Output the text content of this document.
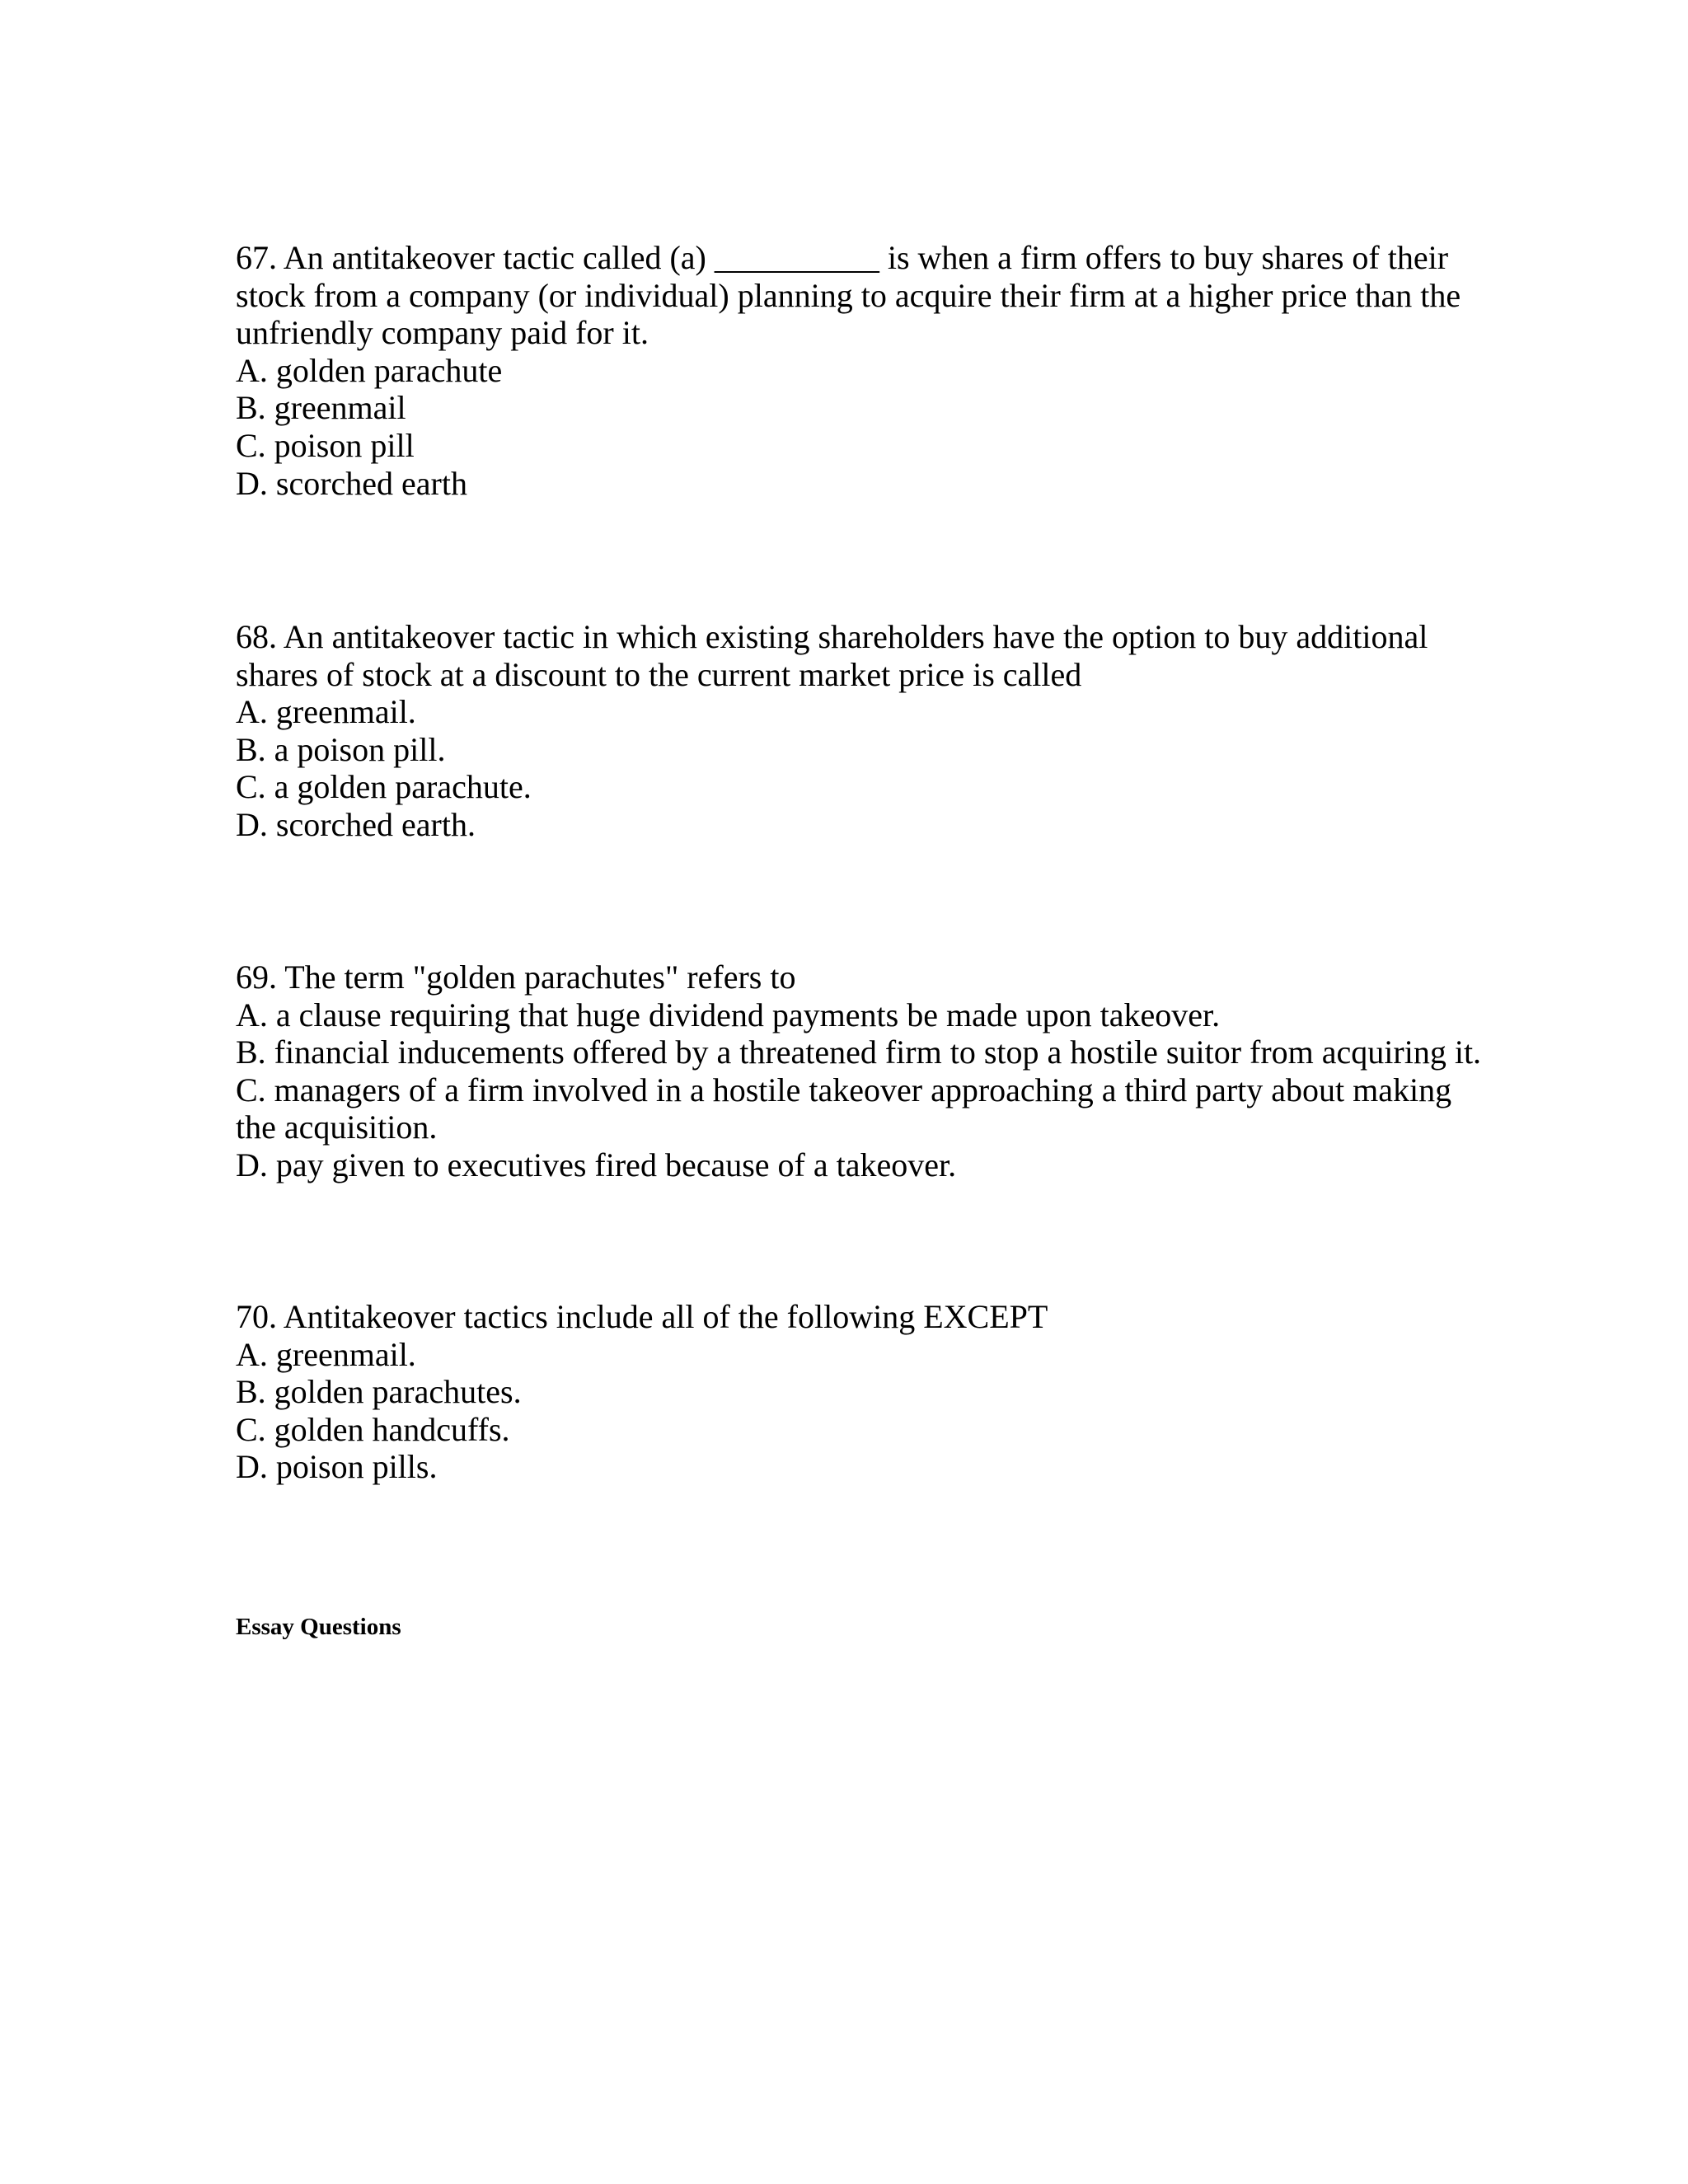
67. An antitakeover tactic called (a) __________ is when a firm offers to buy shares of their
stock from a company (or individual) planning to acquire their firm at a higher price than the
unfriendly company paid for it.
A. golden parachute
B. greenmail
C. poison pill
D. scorched earth
68. An antitakeover tactic in which existing shareholders have the option to buy additional
shares of stock at a discount to the current market price is called
A. greenmail.
B. a poison pill.
C. a golden parachute.
D. scorched earth.
69. The term "golden parachutes" refers to
A. a clause requiring that huge dividend payments be made upon takeover.
B. financial inducements offered by a threatened firm to stop a hostile suitor from acquiring it.
C. managers of a firm involved in a hostile takeover approaching a third party about making
the acquisition.
D. pay given to executives fired because of a takeover.
70. Antitakeover tactics include all of the following EXCEPT
A. greenmail.
B. golden parachutes.
C. golden handcuffs.
D. poison pills.
Essay Questions
